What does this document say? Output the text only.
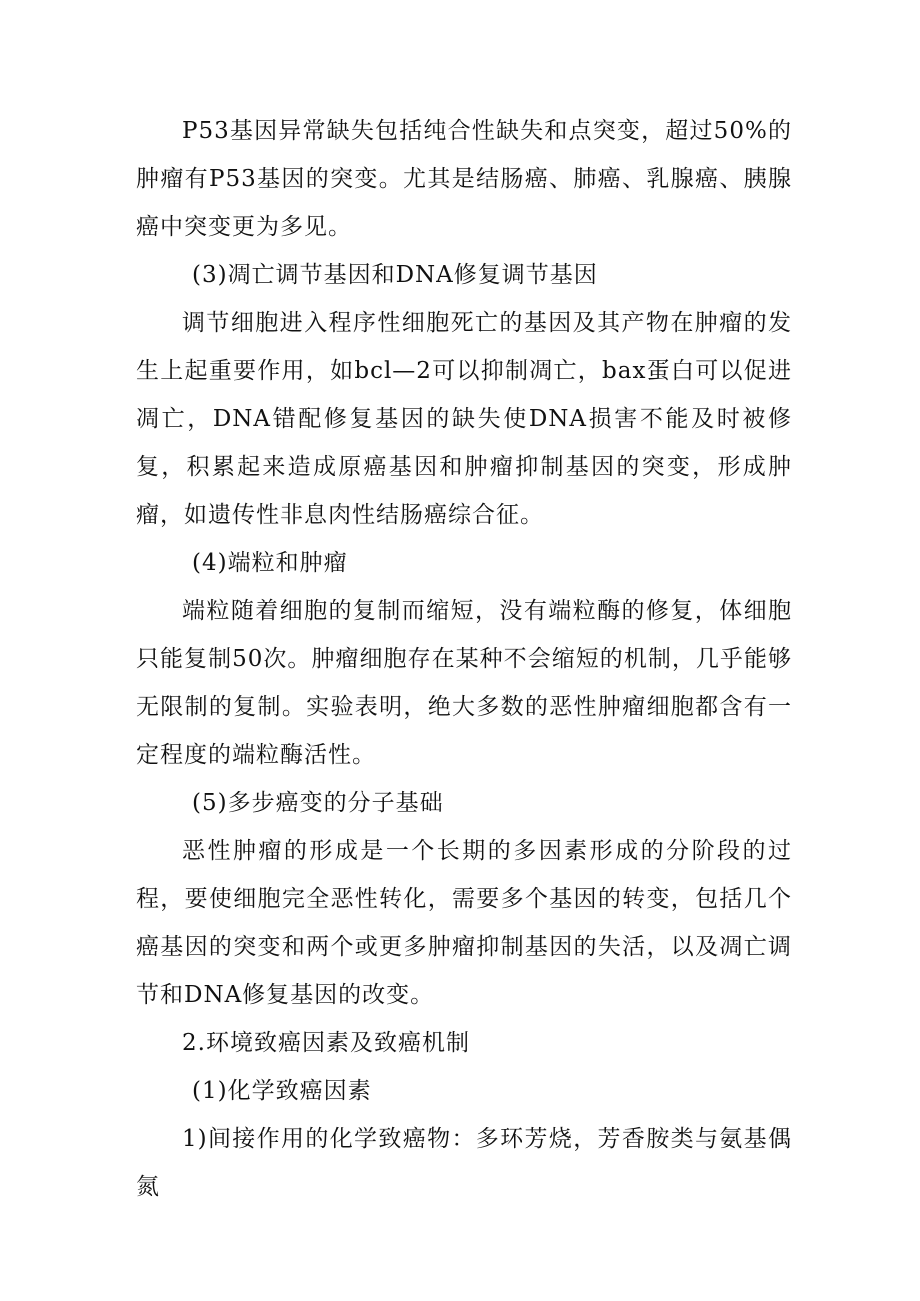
P53基因异常缺失包括纯合性缺失和点突变，超过50%的肿瘤有P53基因的突变。尤其是结肠癌、肺癌、乳腺癌、胰腺癌中突变更为多见。

(3)凋亡调节基因和DNA修复调节基因

调节细胞进入程序性细胞死亡的基因及其产物在肿瘤的发生上起重要作用，如bcl—2可以抑制凋亡，bax蛋白可以促进凋亡，DNA错配修复基因的缺失使DNA损害不能及时被修复，积累起来造成原癌基因和肿瘤抑制基因的突变，形成肿瘤，如遗传性非息肉性结肠癌综合征。

(4)端粒和肿瘤

端粒随着细胞的复制而缩短，没有端粒酶的修复，体细胞只能复制50次。肿瘤细胞存在某种不会缩短的机制，几乎能够无限制的复制。实验表明，绝大多数的恶性肿瘤细胞都含有一定程度的端粒酶活性。

(5)多步癌变的分子基础

恶性肿瘤的形成是一个长期的多因素形成的分阶段的过程，要使细胞完全恶性转化，需要多个基因的转变，包括几个癌基因的突变和两个或更多肿瘤抑制基因的失活，以及凋亡调节和DNA修复基因的改变。

2.环境致癌因素及致癌机制

(1)化学致癌因素

1)间接作用的化学致癌物：多环芳烧，芳香胺类与氨基偶氮
